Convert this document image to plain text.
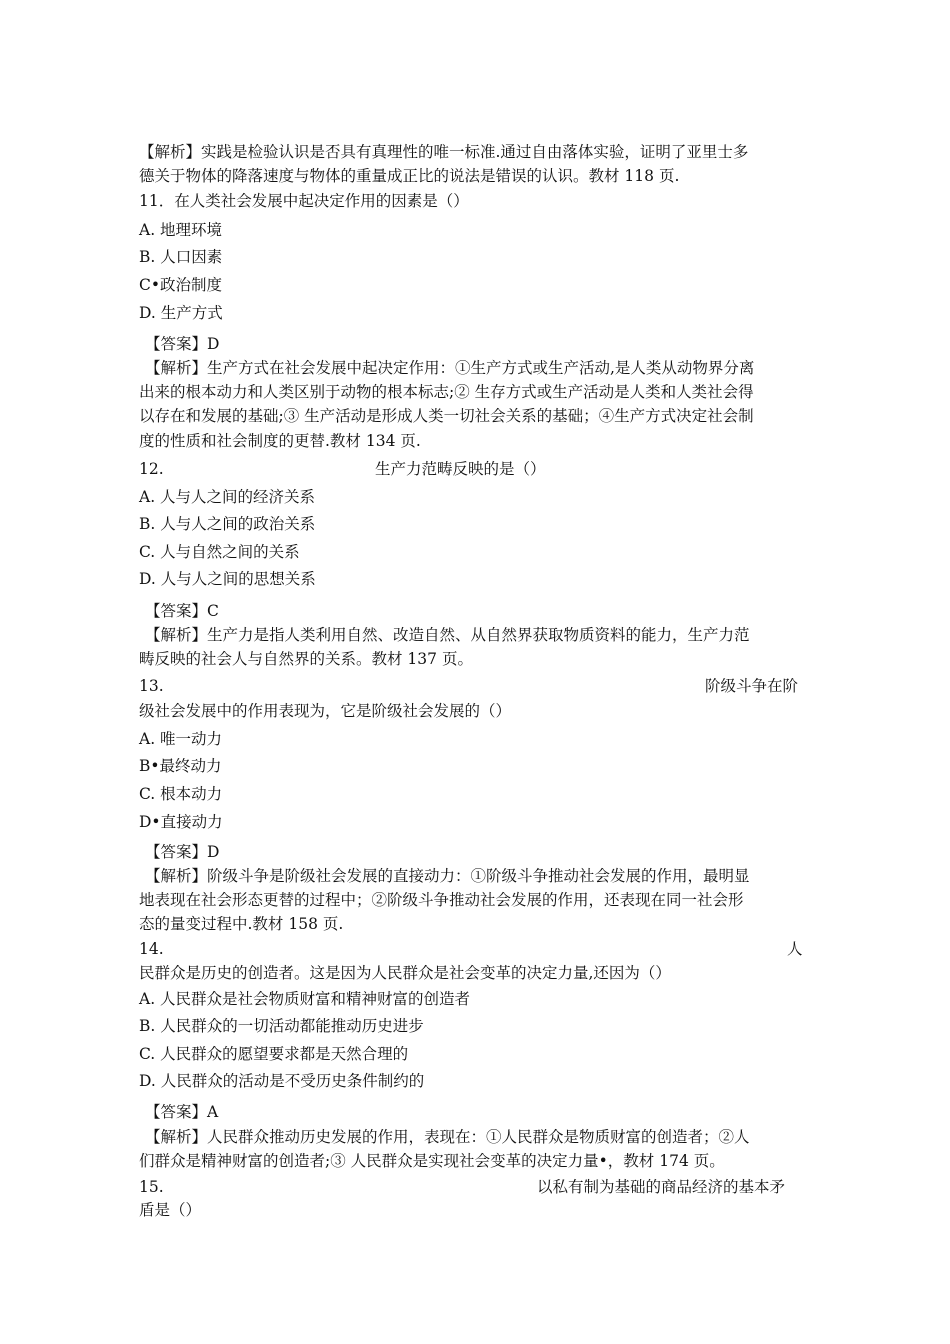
【解析】实践是检验认识是否具有真理性的唯一标准.通过自由落体实验，证明了亚里士多
德关于物体的降落速度与物体的重量成正比的说法是错误的认识。教材 118 页.
11．在人类社会发展中起决定作用的因素是（）
A. 地理环境
B. 人口因素
C•政治制度
D. 生产方式
【答案】D
【解析】生产方式在社会发展中起决定作用：①生产方式或生产活动,是人类从动物界分离
出来的根本动力和人类区别于动物的根本标志;② 生存方式或生产活动是人类和人类社会得
以存在和发展的基础;③ 生产活动是形成人类一切社会关系的基础；④生产方式决定社会制
度的性质和社会制度的更替.教材 134 页.
12.	生产力范畴反映的是（）
A. 人与人之间的经济关系
B. 人与人之间的政治关系
C. 人与自然之间的关系
D. 人与人之间的思想关系
【答案】C
【解析】生产力是指人类利用自然、改造自然、从自然界获取物质资料的能力，生产力范
畴反映的社会人与自然界的关系。教材 137 页。
13.	阶级斗争在阶
级社会发展中的作用表现为，它是阶级社会发展的（）
A. 唯一动力
B•最终动力
C. 根本动力
D•直接动力
【答案】D
【解析】阶级斗争是阶级社会发展的直接动力：①阶级斗争推动社会发展的作用，最明显
地表现在社会形态更替的过程中；②阶级斗争推动社会发展的作用，还表现在同一社会形
态的量变过程中.教材 158 页.
14.	人
民群众是历史的创造者。这是因为人民群众是社会变革的决定力量,还因为（）
A. 人民群众是社会物质财富和精神财富的创造者
B. 人民群众的一切活动都能推动历史进步
C. 人民群众的愿望要求都是天然合理的
D. 人民群众的活动是不受历史条件制约的
【答案】A
【解析】人民群众推动历史发展的作用，表现在：①人民群众是物质财富的创造者；②人
们群众是精神财富的创造者;③ 人民群众是实现社会变革的决定力量•，教材 174 页。
15.	以私有制为基础的商品经济的基本矛
盾是（）
